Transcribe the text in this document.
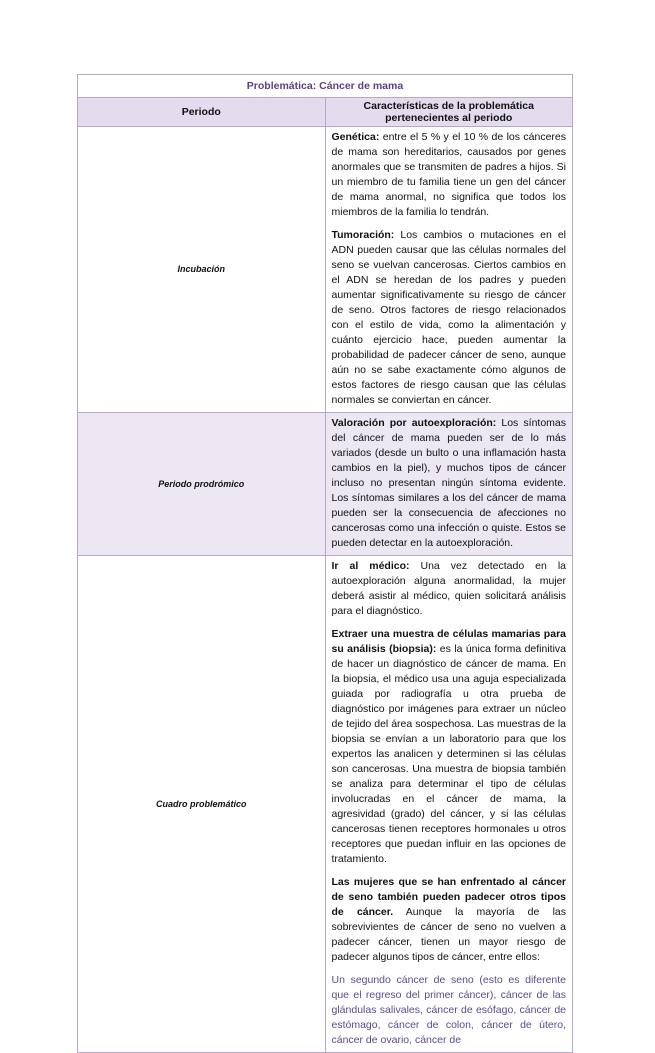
Problemática: Cáncer de mama	
Periodo	Características de la problemática pertenecientes al periodo
Incubación	Genética: entre el 5 % y el 10 % de los cánceres de mama son hereditarios, causados por genes anormales que se transmiten de padres a hijos. Si un miembro de tu familia tiene un gen del cáncer de mama anormal, no significa que todos los miembros de la familia lo tendrán.

Tumoración: Los cambios o mutaciones en el ADN pueden causar que las células normales del seno se vuelvan cancerosas. Ciertos cambios en el ADN se heredan de los padres y pueden aumentar significativamente su riesgo de cáncer de seno. Otros factores de riesgo relacionados con el estilo de vida, como la alimentación y cuánto ejercicio hace, pueden aumentar la probabilidad de padecer cáncer de seno, aunque aún no se sabe exactamente cómo algunos de estos factores de riesgo causan que las células normales se conviertan en cáncer.

Periodo prodrómico	Valoración por autoexploración: Los síntomas del cáncer de mama pueden ser de lo más variados (desde un bulto o una inflamación hasta cambios en la piel), y muchos tipos de cáncer incluso no presentan ningún síntoma evidente. Los síntomas similares a los del cáncer de mama pueden ser la consecuencia de afecciones no cancerosas como una infección o quiste. Estos se pueden detectar en la autoexploración.

Cuadro problemático	Ir al médico: Una vez detectado en la autoexploración alguna anormalidad, la mujer deberá asistir al médico, quien solicitará análisis para el diagnóstico.

Extraer una muestra de células mamarias para su análisis (biopsia): es la única forma definitiva de hacer un diagnóstico de cáncer de mama. En la biopsia, el médico usa una aguja especializada guiada por radiografía u otra prueba de diagnóstico por imágenes para extraer un núcleo de tejido del área sospechosa. Las muestras de la biopsia se envían a un laboratorio para que los expertos las analicen y determinen si las células son cancerosas. Una muestra de biopsia también se analiza para determinar el tipo de células involucradas en el cáncer de mama, la agresividad (grado) del cáncer, y si las células cancerosas tienen receptores hormonales u otros receptores que puedan influir en las opciones de tratamiento.

Las mujeres que se han enfrentado al cáncer de seno también pueden padecer otros tipos de cáncer. Aunque la mayoría de las sobrevivientes de cáncer de seno no vuelven a padecer cáncer, tienen un mayor riesgo de padecer algunos tipos de cáncer, entre ellos:

Un segundo cáncer de seno (esto es diferente que el regreso del primer cáncer), cáncer de las glándulas salivales, cáncer de esófago, cáncer de estómago, cáncer de colon, cáncer de útero, cáncer de ovario, cáncer de
